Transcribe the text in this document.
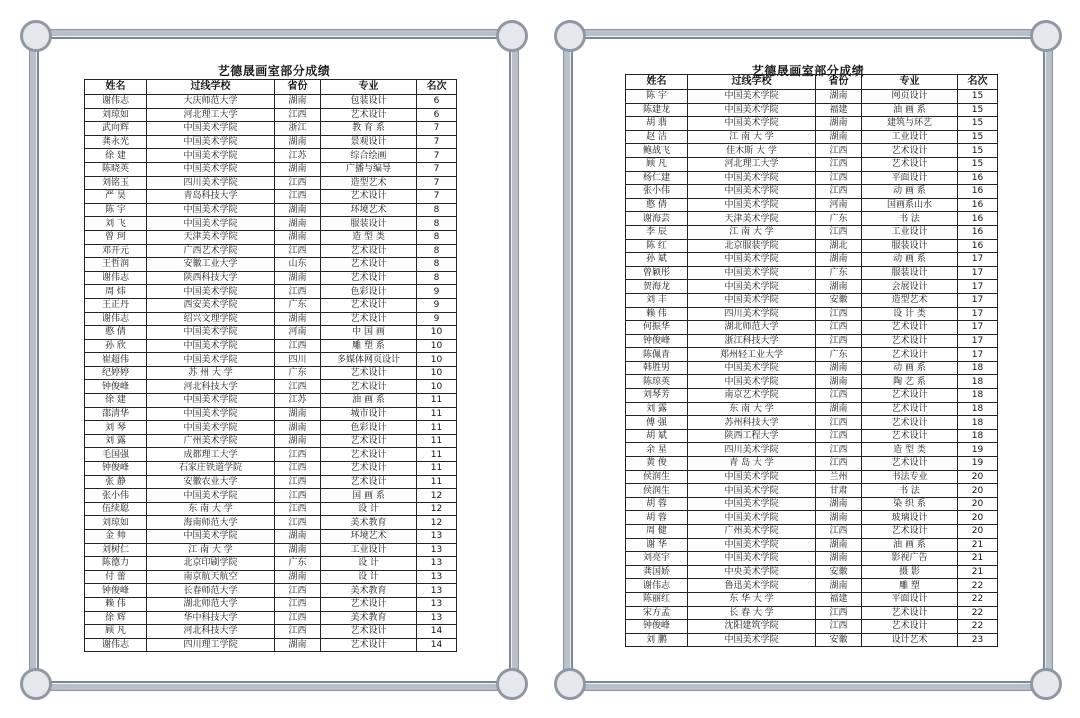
艺德晟画室部分成绩
姓名	过线学校	省份	专业	名次
谢伟志	大庆师范大学	湖南	包装设计	6
刘琼如	河北理工大学	江西	艺术设计	6
武向辉	中国美术学院	浙江	教 育 系	7
龚永光	中国美术学院	湖南	景观设计	7
徐 建	中国美术学院	江苏	综合绘画	7
陈晓英	中国美术学院	湖南	广播与编导	7
刘铭玉	四川美术学院	江西	造型艺术	7
严 昊	青岛科技大学	江西	艺术设计	7
陈 宇	中国美术学院	湖南	环境艺术	8
刘 飞	中国美术学院	湖南	服装设计	8
曾 珂	天津美术学院	湖南	造 型 类	8
邓开元	广西艺术学院	江西	艺术设计	8
王哲润	安徽工业大学	山东	艺术设计	8
谢伟志	陕西科技大学	湖南	艺术设计	8
周 炜	中国美术学院	江西	色彩设计	9
王正丹	西安美术学院	广东	艺术设计	9
谢伟志	绍兴文理学院	湖南	艺术设计	9
憨 倩	中国美术学院	河南	中 国 画	10
孙 欣	中国美术学院	江西	雕 塑 系	10
崔超伟	中国美术学院	四川	多媒体网页设计	10
纪婷婷	苏 州 大 学	广东	艺术设计	10
钟俊峰	河北科技大学	江西	艺术设计	10
徐 建	中国美术学院	江苏	油 画 系	11
邵清华	中国美术学院	湖南	城市设计	11
刘 琴	中国美术学院	湖南	色彩设计	11
刘 露	广州美术学院	湖南	艺术设计	11
毛国强	成都理工大学	江西	艺术设计	11
钟俊峰	石家庄铁道学院	江西	艺术设计	11
张 静	安徽农业大学	江西	艺术设计	11
张小伟	中国美术学院	江西	国 画 系	12
伍续聪	东 南 大 学	江西	设 计	12
刘琼如	海南师范大学	江西	美术教育	12
金 帅	中国美术学院	湖南	环境艺术	13
刘树仁	江 南 大 学	湖南	工业设计	13
陈德力	北京印刷学院	广东	设 计	13
付 蕾	南京航天航空	湖南	设 计	13
钟俊峰	长春师范大学	江西	美术教育	13
赖 伟	湖北师范大学	江西	艺术设计	13
徐 辉	华中科技大学	江西	美术教育	13
顾 凡	河北科技大学	江西	艺术设计	14
谢伟志	四川理工学院	湖南	艺术设计	14
艺德晟画室部分成绩
姓名	过线学校	省份	专业	名次
陈 宇	中国美术学院	湖南	网页设计	15
陈建龙	中国美术学院	福建	油 画 系	15
胡 翡	中国美术学院	湖南	建筑与环艺	15
赵 洁	江 南 大 学	湖南	工业设计	15
鲍战飞	佳木斯 大 学	江西	艺术设计	15
顾 凡	河北理工大学	江西	艺术设计	15
杨仁建	中国美术学院	江西	平面设计	16
张小伟	中国美术学院	江西	动 画 系	16
憨 倩	中国美术学院	河南	国画系山水	16
谢海芸	天津美术学院	广东	书 法	16
李 辰	江 南 大 学	江西	工业设计	16
陈 红	北京服装学院	湖北	服装设计	16
孙 斌	中国美术学院	湖南	动 画 系	17
曾颖彤	中国美术学院	广东	服装设计	17
贺海龙	中国美术学院	湖南	会展设计	17
刘 丰	中国美术学院	安徽	造型艺术	17
赖 伟	四川美术学院	江西	设 计 类	17
何振华	湖北师范大学	江西	艺术设计	17
钟俊峰	浙江科技大学	江西	艺术设计	17
陈佩青	郑州轻工业大学	广东	艺术设计	17
韩胜男	中国美术学院	湖南	动 画 系	18
陈琼英	中国美术学院	湖南	陶 艺 系	18
刘琴芳	南京艺术学院	江西	艺术设计	18
刘 露	东 南 大 学	湖南	艺术设计	18
傅 强	苏州科技大学	江西	艺术设计	18
胡 斌	陕西工程大学	江西	艺术设计	18
余 星	四川美术学院	江西	造 型 类	19
黄 俊	青 岛 大 学	江西	艺术设计	19
侯润生	中国美术学院	兰州	书法专业	20
侯润生	中国美术学院	甘肃	书 法	20
胡 蓉	中国美术学院	湖南	染 织 系	20
胡 蓉	中国美术学院	湖南	玻璃设计	20
周 健	广州美术学院	江西	艺术设计	20
谢 华	中国美术学院	湖南	油 画 系	21
刘亮宇	中国美术学院	湖南	影视广告	21
龚国娇	中央美术学院	安徽	摄 影	21
谢伟志	鲁迅美术学院	湖南	雕 塑	22
陈丽红	东 华 大 学	福建	平面设计	22
宋方孟	长 春 大 学	江西	艺术设计	22
钟俊峰	沈阳建筑学院	江西	艺术设计	22
刘 鹏	中国美术学院	安徽	设计艺术	23
